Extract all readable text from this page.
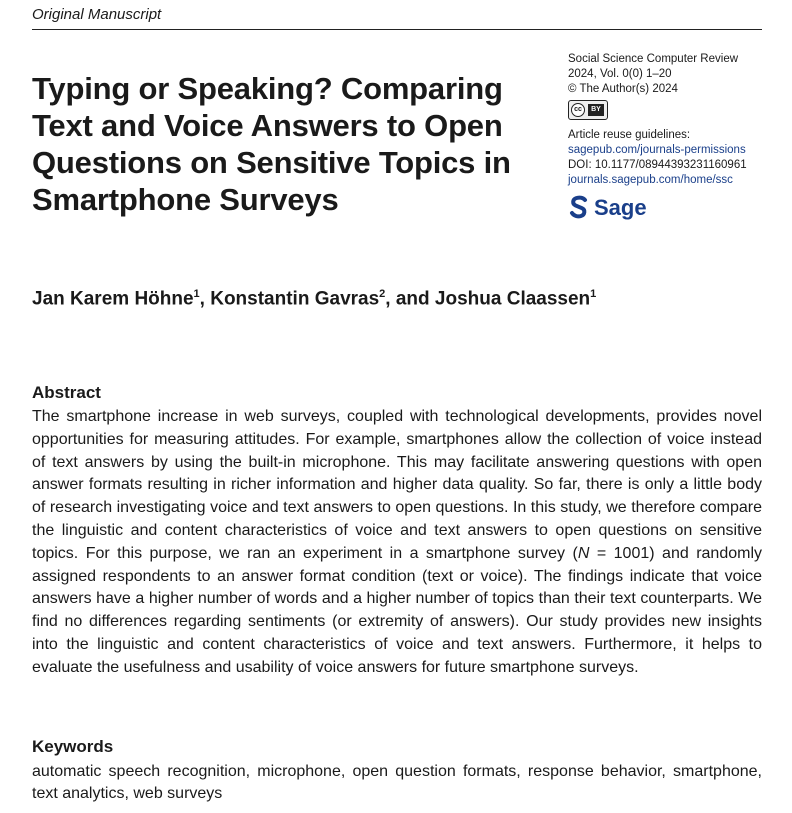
Original Manuscript
Typing or Speaking? Comparing Text and Voice Answers to Open Questions on Sensitive Topics in Smartphone Surveys
Social Science Computer Review
2024, Vol. 0(0) 1–20
© The Author(s) 2024
cc	BY
Article reuse guidelines:
sagepub.com/journals-permissions
DOI: 10.1177/08944393231160961
journals.sagepub.com/home/ssc
Sage
Jan Karem Höhne$^1$, Konstantin Gavras$^2$, and Joshua Claassen$^1$
Abstract

The smartphone increase in web surveys, coupled with technological developments, provides novel opportunities for measuring attitudes. For example, smartphones allow the collection of voice instead of text answers by using the built-in microphone. This may facilitate answering questions with open answer formats resulting in richer information and higher data quality. So far, there is only a little body of research investigating voice and text answers to open questions. In this study, we therefore compare the linguistic and content characteristics of voice and text answers to open questions on sensitive topics. For this purpose, we ran an experiment in a smartphone survey (N = 1001) and randomly assigned respondents to an answer format condition (text or voice). The findings indicate that voice answers have a higher number of words and a higher number of topics than their text counterparts. We find no differences regarding sentiments (or extremity of answers). Our study provides new insights into the linguistic and content characteristics of voice and text answers. Furthermore, it helps to evaluate the usefulness and usability of voice answers for future smartphone surveys.

Keywords

automatic speech recognition, microphone, open question formats, response behavior, smartphone, text analytics, web surveys
